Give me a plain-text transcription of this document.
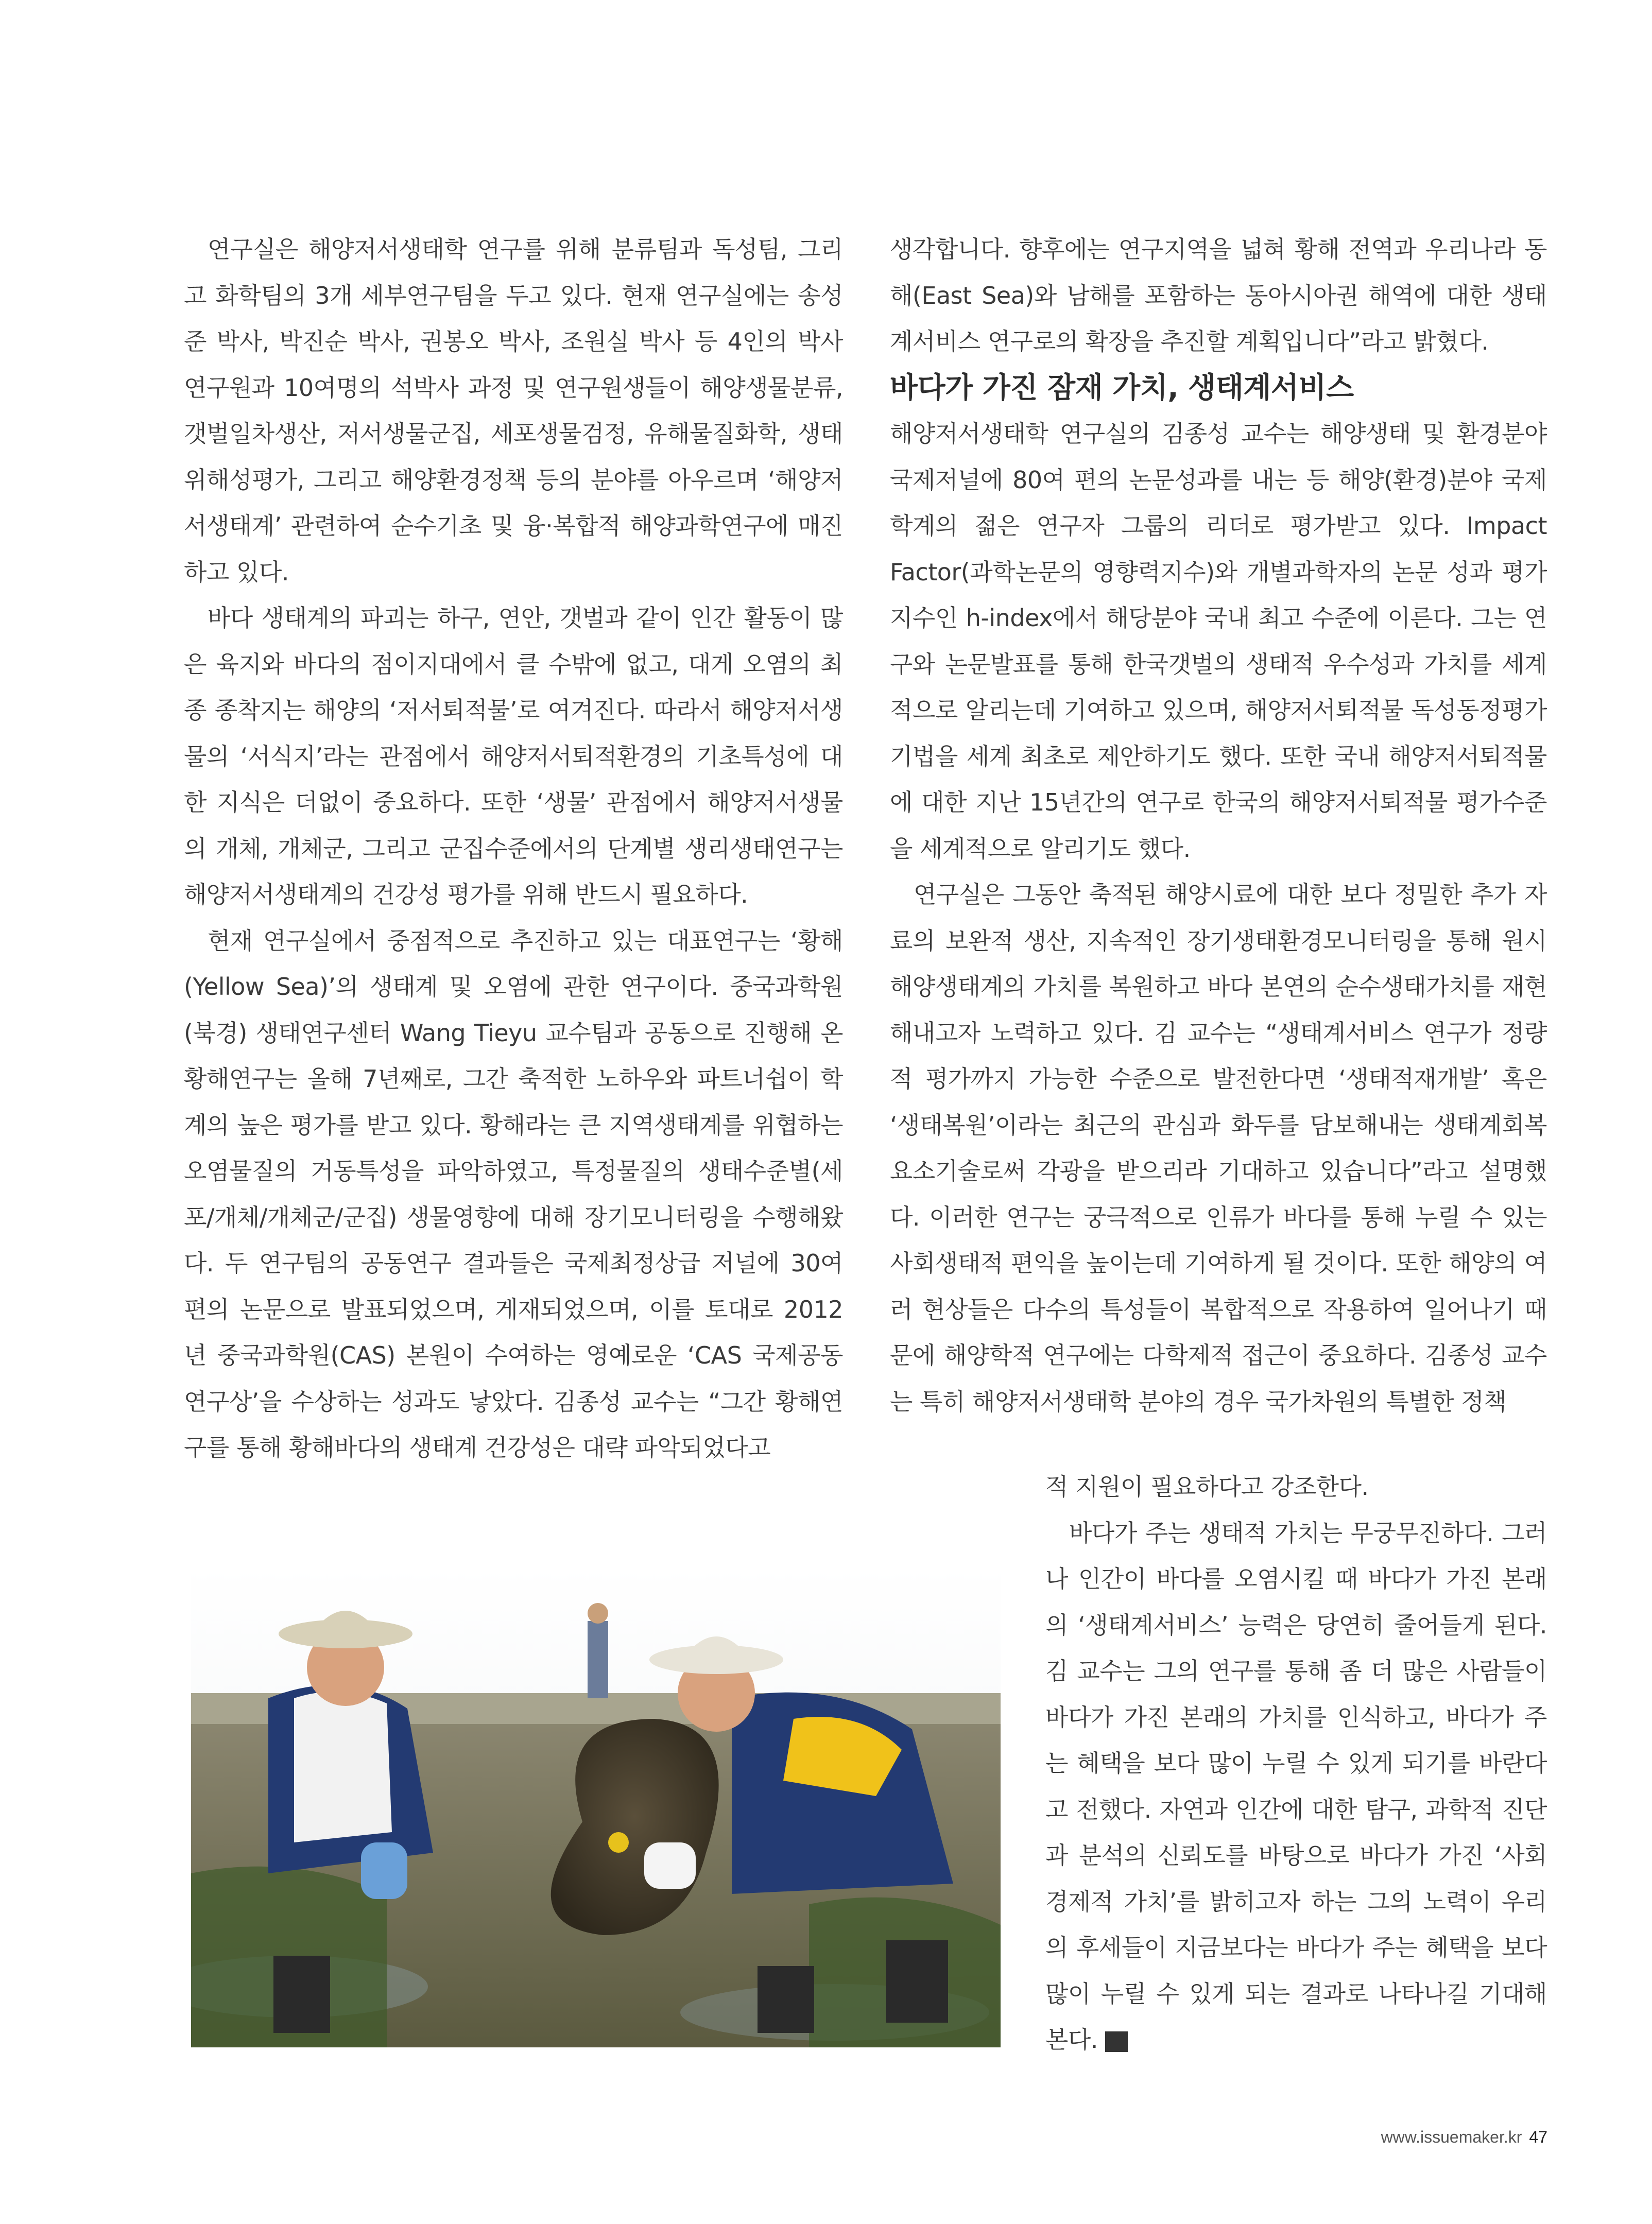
연구실은 해양저서생태학 연구를 위해 분류팀과 독성팀, 그리고 화학팀의 3개 세부연구팀을 두고 있다. 현재 연구실에는 송성준 박사, 박진순 박사, 권봉오 박사, 조원실 박사 등 4인의 박사 연구원과 10여명의 석박사 과정 및 연구원생들이 해양생물분류, 갯벌일차생산, 저서생물군집, 세포생물검정, 유해물질화학, 생태위해성평가, 그리고 해양환경정책 등의 분야를 아우르며 ‘해양저서생태계’ 관련하여 순수기초 및 융·복합적 해양과학연구에 매진하고 있다.

바다 생태계의 파괴는 하구, 연안, 갯벌과 같이 인간 활동이 많은 육지와 바다의 점이지대에서 클 수밖에 없고, 대게 오염의 최종 종착지는 해양의 ‘저서퇴적물’로 여겨진다. 따라서 해양저서생물의 ‘서식지’라는 관점에서 해양저서퇴적환경의 기초특성에 대한 지식은 더없이 중요하다. 또한 ‘생물’ 관점에서 해양저서생물의 개체, 개체군, 그리고 군집수준에서의 단계별 생리생태연구는 해양저서생태계의 건강성 평가를 위해 반드시 필요하다.

현재 연구실에서 중점적으로 추진하고 있는 대표연구는 ‘황해(Yellow Sea)’의 생태계 및 오염에 관한 연구이다. 중국과학원(북경) 생태연구센터 Wang Tieyu 교수팀과 공동으로 진행해 온 황해연구는 올해 7년째로, 그간 축적한 노하우와 파트너쉽이 학계의 높은 평가를 받고 있다. 황해라는 큰 지역생태계를 위협하는 오염물질의 거동특성을 파악하였고, 특정물질의 생태수준별(세포/개체/개체군/군집) 생물영향에 대해 장기모니터링을 수행해왔다. 두 연구팀의 공동연구 결과들은 국제최정상급 저널에 30여 편의 논문으로 발표되었으며, 게재되었으며, 이를 토대로 2012년 중국과학원(CAS) 본원이 수여하는 영예로운 ‘CAS 국제공동연구상’을 수상하는 성과도 낳았다. 김종성 교수는 “그간 황해연구를 통해 황해바다의 생태계 건강성은 대략 파악되었다고

생각합니다. 향후에는 연구지역을 넓혀 황해 전역과 우리나라 동해(East Sea)와 남해를 포함하는 동아시아권 해역에 대한 생태계서비스 연구로의 확장을 추진할 계획입니다”라고 밝혔다.

바다가 가진 잠재 가치, 생태계서비스

해양저서생태학 연구실의 김종성 교수는 해양생태 및 환경분야 국제저널에 80여 편의 논문성과를 내는 등 해양(환경)분야 국제학계의 젊은 연구자 그룹의 리더로 평가받고 있다. Impact Factor(과학논문의 영향력지수)와 개별과학자의 논문 성과 평가지수인 h-index에서 해당분야 국내 최고 수준에 이른다. 그는 연구와 논문발표를 통해 한국갯벌의 생태적 우수성과 가치를 세계적으로 알리는데 기여하고 있으며, 해양저서퇴적물 독성동정평가기법을 세계 최초로 제안하기도 했다. 또한 국내 해양저서퇴적물에 대한 지난 15년간의 연구로 한국의 해양저서퇴적물 평가수준을 세계적으로 알리기도 했다.

연구실은 그동안 축적된 해양시료에 대한 보다 정밀한 추가 자료의 보완적 생산, 지속적인 장기생태환경모니터링을 통해 원시해양생태계의 가치를 복원하고 바다 본연의 순수생태가치를 재현해내고자 노력하고 있다. 김 교수는 “생태계서비스 연구가 정량적 평가까지 가능한 수준으로 발전한다면 ‘생태적재개발’ 혹은 ‘생태복원’이라는 최근의 관심과 화두를 담보해내는 생태계회복요소기술로써 각광을 받으리라 기대하고 있습니다”라고 설명했다. 이러한 연구는 궁극적으로 인류가 바다를 통해 누릴 수 있는 사회생태적 편익을 높이는데 기여하게 될 것이다. 또한 해양의 여러 현상들은 다수의 특성들이 복합적으로 작용하여 일어나기 때문에 해양학적 연구에는 다학제적 접근이 중요하다. 김종성 교수는 특히 해양저서생태학 분야의 경우 국가차원의 특별한 정책

적 지원이 필요하다고 강조한다.

바다가 주는 생태적 가치는 무궁무진하다. 그러나 인간이 바다를 오염시킬 때 바다가 가진 본래의 ‘생태계서비스’ 능력은 당연히 줄어들게 된다. 김 교수는 그의 연구를 통해 좀 더 많은 사람들이 바다가 가진 본래의 가치를 인식하고, 바다가 주는 혜택을 보다 많이 누릴 수 있게 되기를 바란다고 전했다. 자연과 인간에 대한 탐구, 과학적 진단과 분석의 신뢰도를 바탕으로 바다가 가진 ‘사회경제적 가치’를 밝히고자 하는 그의 노력이 우리의 후세들이 지금보다는 바다가 주는 혜택을 보다 많이 누릴 수 있게 되는 결과로 나타나길 기대해 본다. i

www.issuemaker.kr 47
